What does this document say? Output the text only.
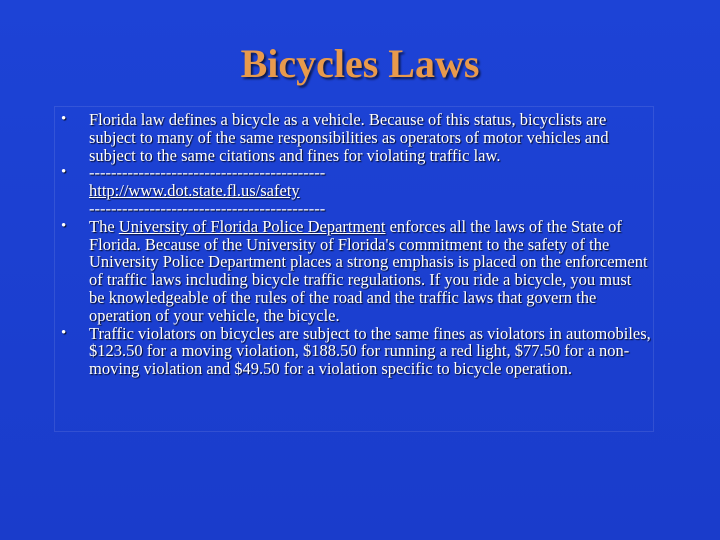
Bicycles Laws
• Florida law defines a bicycle as a vehicle. Because of this status, bicyclists are subject to many of the same responsibilities as operators of motor vehicles and subject to the same citations and fines for violating traffic law.
• -------------------------------------------
http://www.dot.state.fl.us/safety
-------------------------------------------
• The University of Florida Police Department enforces all the laws of the State of Florida. Because of the University of Florida's commitment to the safety of the University Police Department places a strong emphasis is placed on the enforcement of traffic laws including bicycle traffic regulations. If you ride a bicycle, you must be knowledgeable of the rules of the road and the traffic laws that govern the operation of your vehicle, the bicycle.
• Traffic violators on bicycles are subject to the same fines as violators in automobiles, $123.50 for a moving violation, $188.50 for running a red light, $77.50 for a non-moving violation and $49.50 for a violation specific to bicycle operation.
